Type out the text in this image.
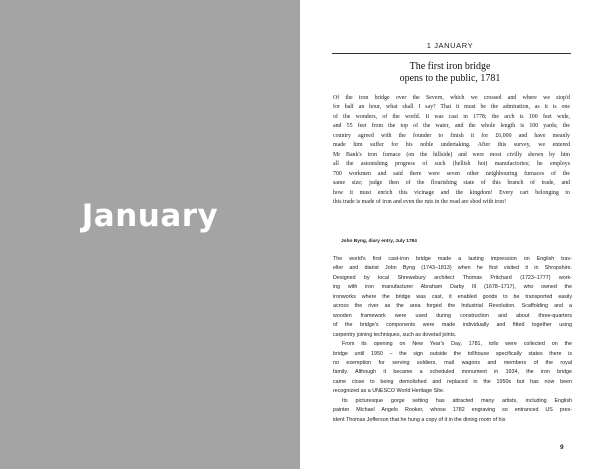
January
1 JANUARY
The first iron bridge
opens to the public, 1781
Of the iron bridge over the Severn, which we crossed and where we stop'd
for half an hour, what shall I say? That it must be the admiration, as it is one
of the wonders, of the world. It was cast in 1778; the arch is 100 feet wide,
and 55 feet from the top of the water, and the whole length is 100 yards; the
country agreed with the founder to finish it for £6,000 and have meanly
made him suffer for his noble undertaking. After this survey, we entered
Mr Bank's iron furnace (on the hillside) and were most civilly shown by him
all the astonishing progress of such (hellish hot) manufactories; he employs
700 workmen and said there were seven other neighbouring furnaces of the
same size; judge then of the flourishing state of this branch of trade, and
how it must enrich this vicinage and the kingdom! Every cart belonging to
this trade is made of iron and even the ruts in the road are shod with iron!
John Byng, diary entry, July 1784
The world's first cast-iron bridge made a lasting impression on English trav-
eller and diarist John Byng (1743–1813) when he first visited it in Shropshire.
Designed by local Shrewsbury architect Thomas Pritchard (1723–1777) work-
ing with iron manufacturer Abraham Darby III (1678–1717), who owned the
ironworks where the bridge was cast, it enabled goods to be transported easily
across the river as the area forged the Industrial Revolution. Scaffolding and a
wooden framework were used during construction and about three-quarters
of the bridge's components were made individually and fitted together using
carpentry joining techniques, such as dovetail joints.
From its opening on New Year's Day, 1781, tolls were collected on the
bridge until 1950 – the sign outside the tollhouse specifically states there is
no exemption for serving soldiers, mail wagons and members of the royal
family. Although it became a scheduled monument in 1934, the iron bridge
came close to being demolished and replaced in the 1950s but has now been
recognized as a UNESCO World Heritage Site.
Its picturesque gorge setting has attracted many artists, including English
painter Michael Angelo Rooker, whose 1782 engraving so entranced US pres-
ident Thomas Jefferson that he hung a copy of it in the dining room of his
9
